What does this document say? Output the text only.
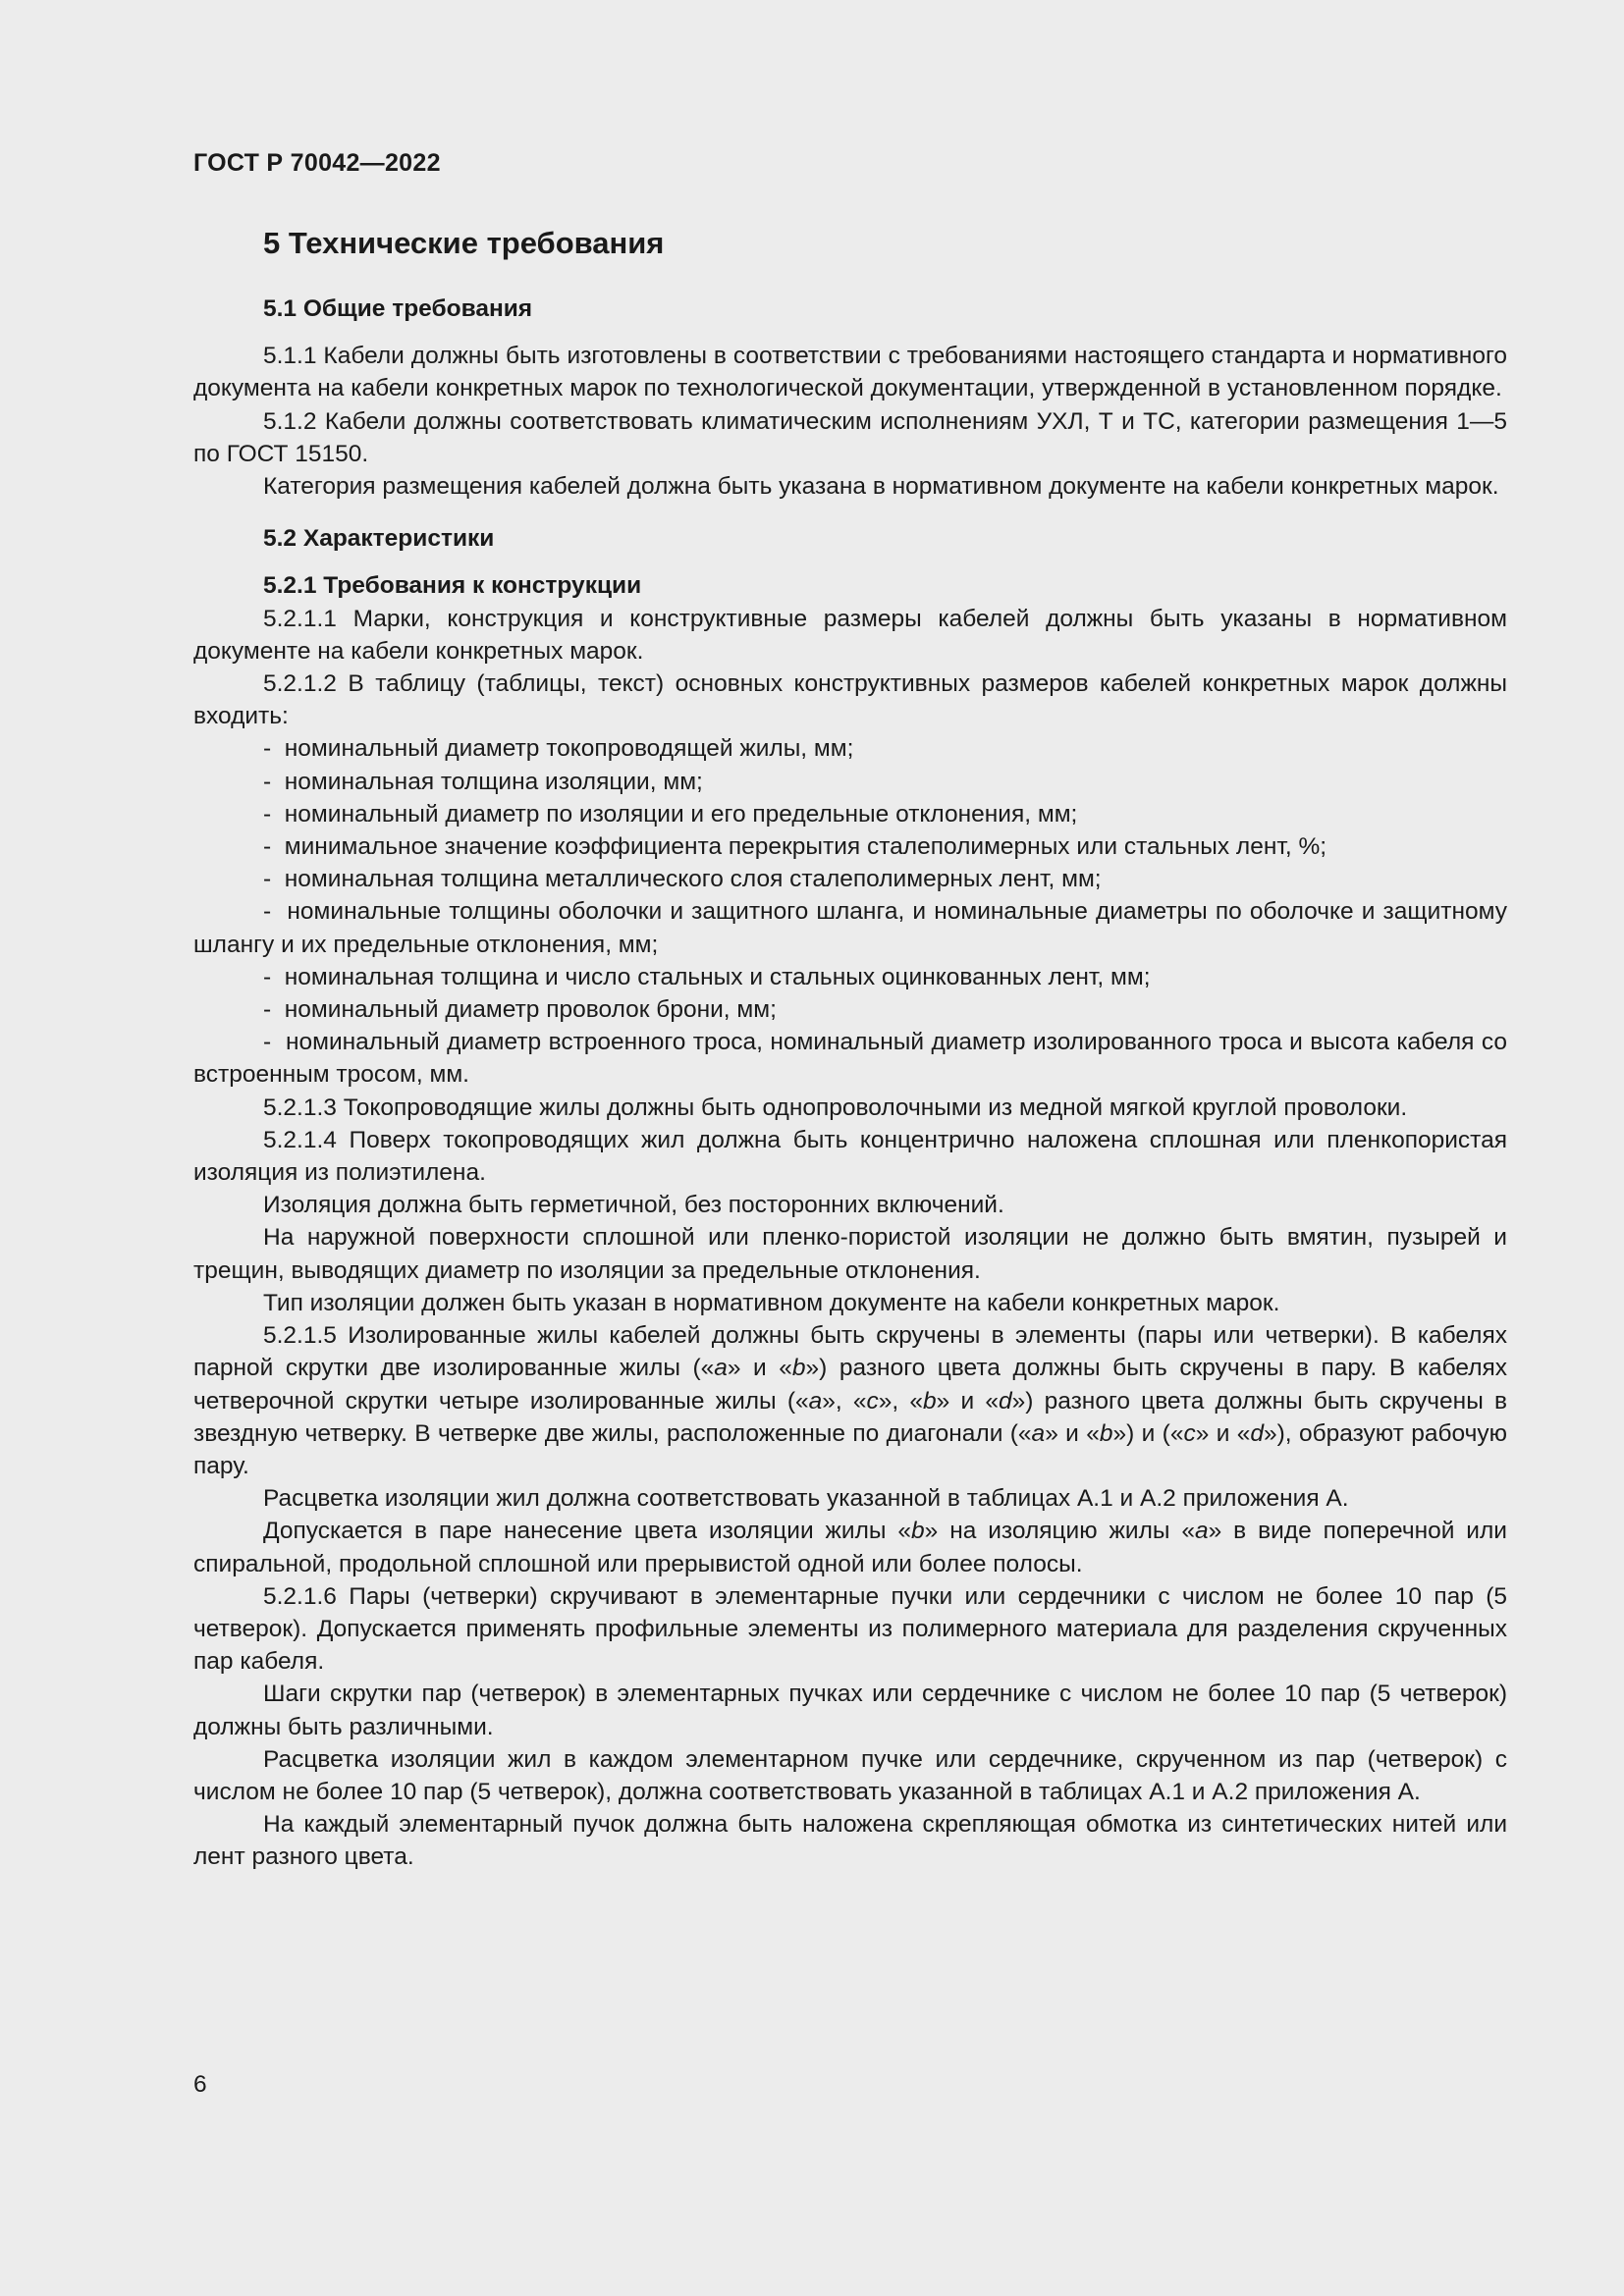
ГОСТ Р 70042—2022
5 Технические требования
5.1 Общие требования

5.1.1 Кабели должны быть изготовлены в соответствии с требованиями настоящего стандарта и нормативного документа на кабели конкретных марок по технологической документации, утвержденной в установленном порядке.

5.1.2 Кабели должны соответствовать климатическим исполнениям УХЛ, Т и ТС, категории размещения 1—5 по ГОСТ 15150.

Категория размещения кабелей должна быть указана в нормативном документе на кабели конкретных марок.

5.2 Характеристики
5.2.1 Требования к конструкции

5.2.1.1 Марки, конструкция и конструктивные размеры кабелей должны быть указаны в нормативном документе на кабели конкретных марок.

5.2.1.2 В таблицу (таблицы, текст) основных конструктивных размеров кабелей конкретных марок должны входить:

-  номинальный диаметр токопроводящей жилы, мм;

-  номинальная толщина изоляции, мм;

-  номинальный диаметр по изоляции и его предельные отклонения, мм;

-  минимальное значение коэффициента перекрытия сталеполимерных или стальных лент, %;

-  номинальная толщина металлического слоя сталеполимерных лент, мм;

-  номинальные толщины оболочки и защитного шланга, и номинальные диаметры по оболочке и защитному шлангу и их предельные отклонения, мм;

-  номинальная толщина и число стальных и стальных оцинкованных лент, мм;

-  номинальный диаметр проволок брони, мм;

-  номинальный диаметр встроенного троса, номинальный диаметр изолированного троса и высота кабеля со встроенным тросом, мм.

5.2.1.3 Токопроводящие жилы должны быть однопроволочными из медной мягкой круглой проволоки.

5.2.1.4 Поверх токопроводящих жил должна быть концентрично наложена сплошная или пленкопористая изоляция из полиэтилена.

Изоляция должна быть герметичной, без посторонних включений.

На наружной поверхности сплошной или пленко-пористой изоляции не должно быть вмятин, пузырей и трещин, выводящих диаметр по изоляции за предельные отклонения.

Тип изоляции должен быть указан в нормативном документе на кабели конкретных марок.

5.2.1.5 Изолированные жилы кабелей должны быть скручены в элементы (пары или четверки). В кабелях парной скрутки две изолированные жилы («a» и «b») разного цвета должны быть скручены в пару. В кабелях четверочной скрутки четыре изолированные жилы («a», «c», «b» и «d») разного цвета должны быть скручены в звездную четверку. В четверке две жилы, расположенные по диагонали («a» и «b») и («c» и «d»), образуют рабочую пару.

Расцветка изоляции жил должна соответствовать указанной в таблицах А.1 и А.2 приложения А.

Допускается в паре нанесение цвета изоляции жилы «b» на изоляцию жилы «a» в виде поперечной или спиральной, продольной сплошной или прерывистой одной или более полосы.

5.2.1.6 Пары (четверки) скручивают в элементарные пучки или сердечники с числом не более 10 пар (5 четверок). Допускается применять профильные элементы из полимерного материала для разделения скрученных пар кабеля.

Шаги скрутки пар (четверок) в элементарных пучках или сердечнике с числом не более 10 пар (5 четверок) должны быть различными.

Расцветка изоляции жил в каждом элементарном пучке или сердечнике, скрученном из пар (четверок) с числом не более 10 пар (5 четверок), должна соответствовать указанной в таблицах А.1 и А.2 приложения А.

На каждый элементарный пучок должна быть наложена скрепляющая обмотка из синтетических нитей или лент разного цвета.

6
